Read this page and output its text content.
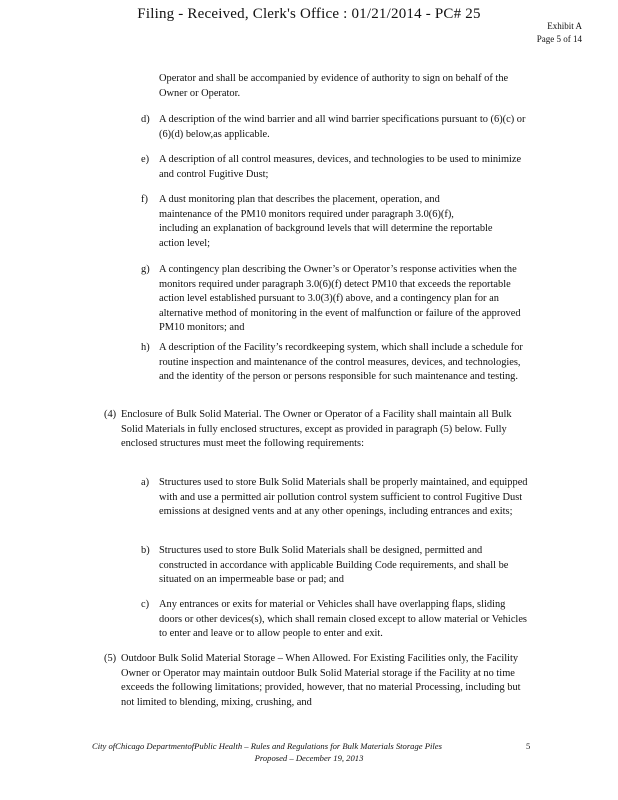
Filing - Received, Clerk's Office : 01/21/2014 - PC# 25
Exhibit A
Page 5 of 14
Operator and shall be accompanied by evidence of authority to sign on behalf of the Owner or Operator.
d) A description of the wind barrier and all wind barrier specifications pursuant to (6)(c) or (6)(d) below,as applicable.
e) A description of all control measures, devices, and technologies to be used to minimize and control Fugitive Dust;
f) A dust monitoring plan that describes the placement, operation, and maintenance of the PM10 monitors required under paragraph 3.0(6)(f), including an explanation of background levels that will determine the reportable action level;
g) A contingency plan describing the Owner’s or Operator’s response activities when the monitors required under paragraph 3.0(6)(f) detect PM10 that exceeds the reportable action level established pursuant to 3.0(3)(f) above, and a contingency plan for an alternative method of monitoring in the event of malfunction or failure of the approved PM10 monitors; and
h) A description of the Facility’s recordkeeping system, which shall include a schedule for routine inspection and maintenance of the control measures, devices, and technologies, and the identity of the person or persons responsible for such maintenance and testing.
(4) Enclosure of Bulk Solid Material. The Owner or Operator of a Facility shall maintain all Bulk Solid Materials in fully enclosed structures, except as provided in paragraph (5) below. Fully enclosed structures must meet the following requirements:
a) Structures used to store Bulk Solid Materials shall be properly maintained, and equipped with and use a permitted air pollution control system sufficient to control Fugitive Dust emissions at designed vents and at any other openings, including entrances and exits;
b) Structures used to store Bulk Solid Materials shall be designed, permitted and constructed in accordance with applicable Building Code requirements, and shall be situated on an impermeable base or pad; and
c) Any entrances or exits for material or Vehicles shall have overlapping flaps, sliding doors or other devices(s), which shall remain closed except to allow material or Vehicles to enter and leave or to allow people to enter and exit.
(5) Outdoor Bulk Solid Material Storage – When Allowed. For Existing Facilities only, the Facility Owner or Operator may maintain outdoor Bulk Solid Material storage if the Facility at no time exceeds the following limitations; provided, however, that no material Processing, including but not limited to blending, mixing, crushing, and
City ofChicago DepartmentofPublic Health – Rules and Regulations for Bulk Materials Storage Piles	5
Proposed – December 19, 2013
